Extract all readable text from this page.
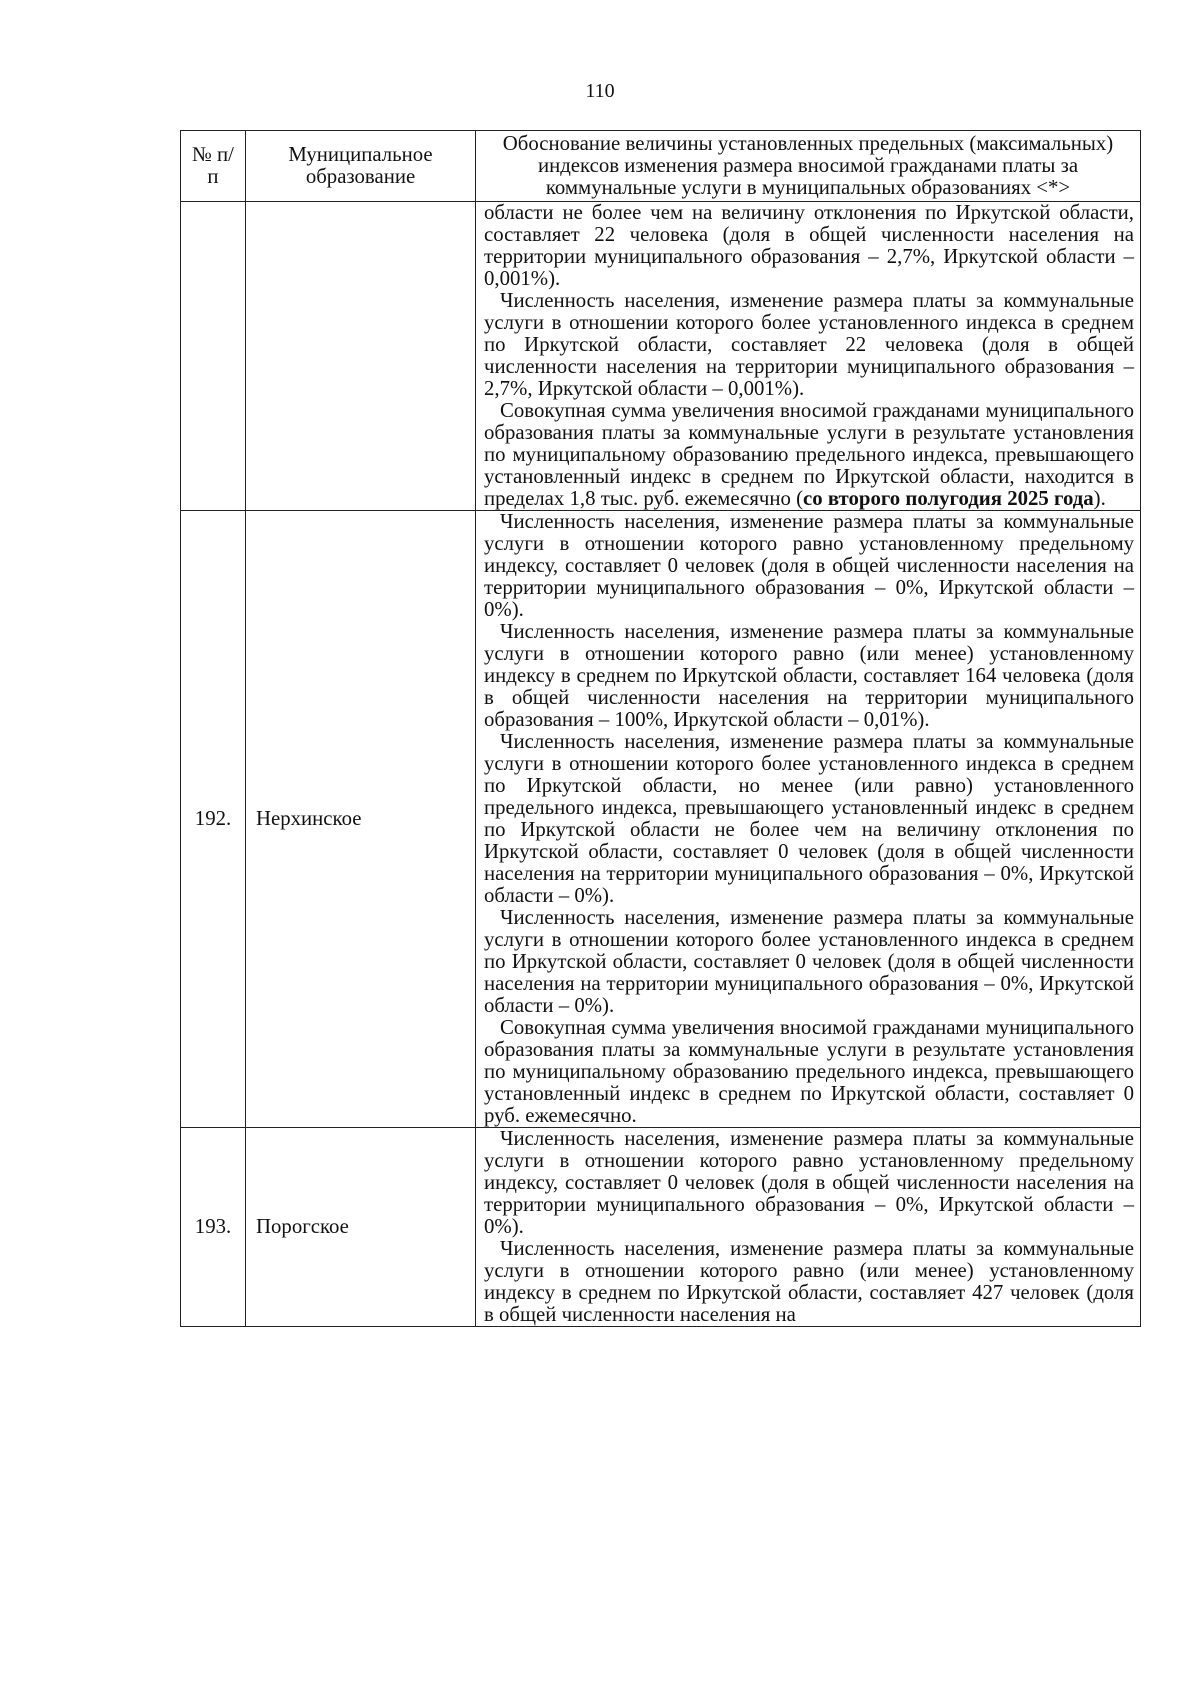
110
№ п/п	Муниципальное образование	Обоснование величины установленных предельных (максимальных) индексов изменения размера вносимой гражданами платы за коммунальные услуги в муниципальных образованиях <*>

		области не более чем на величину отклонения по Иркутской области, составляет 22 человека (доля в общей численности населения на территории муниципального образования – 2,7%, Иркутской области – 0,001%).

Численность населения, изменение размера платы за коммунальные услуги в отношении которого более установленного индекса в среднем по Иркутской области, составляет 22 человека (доля в общей численности населения на территории муниципального образования – 2,7%, Иркутской области – 0,001%).

Совокупная сумма увеличения вносимой гражданами муниципального образования платы за коммунальные услуги в результате установления по муниципальному образованию предельного индекса, превышающего установленный индекс в среднем по Иркутской области, находится в пределах 1,8 тыс. руб. ежемесячно (со второго полугодия 2025 года).

192.	Нерхинское	Численность населения, изменение размера платы за коммунальные услуги в отношении которого равно установленному предельному индексу, составляет 0 человек (доля в общей численности населения на территории муниципального образования – 0%, Иркутской области – 0%).

Численность населения, изменение размера платы за коммунальные услуги в отношении которого равно (или менее) установленному индексу в среднем по Иркутской области, составляет 164 человека (доля в общей численности населения на территории муниципального образования – 100%, Иркутской области – 0,01%).

Численность населения, изменение размера платы за коммунальные услуги в отношении которого более установленного индекса в среднем по Иркутской области, но менее (или равно) установленного предельного индекса, превышающего установленный индекс в среднем по Иркутской области не более чем на величину отклонения по Иркутской области, составляет 0 человек (доля в общей численности населения на территории муниципального образования – 0%, Иркутской области – 0%).

Численность населения, изменение размера платы за коммунальные услуги в отношении которого более установленного индекса в среднем по Иркутской области, составляет 0 человек (доля в общей численности населения на территории муниципального образования – 0%, Иркутской области – 0%).

Совокупная сумма увеличения вносимой гражданами муниципального образования платы за коммунальные услуги в результате установления по муниципальному образованию предельного индекса, превышающего установленный индекс в среднем по Иркутской области, составляет 0 руб. ежемесячно.

193.	Порогское	Численность населения, изменение размера платы за коммунальные услуги в отношении которого равно установленному предельному индексу, составляет 0 человек (доля в общей численности населения на территории муниципального образования – 0%, Иркутской области – 0%).

Численность населения, изменение размера платы за коммунальные услуги в отношении которого равно (или менее) установленному индексу в среднем по Иркутской области, составляет 427 человек (доля в общей численности населения на
